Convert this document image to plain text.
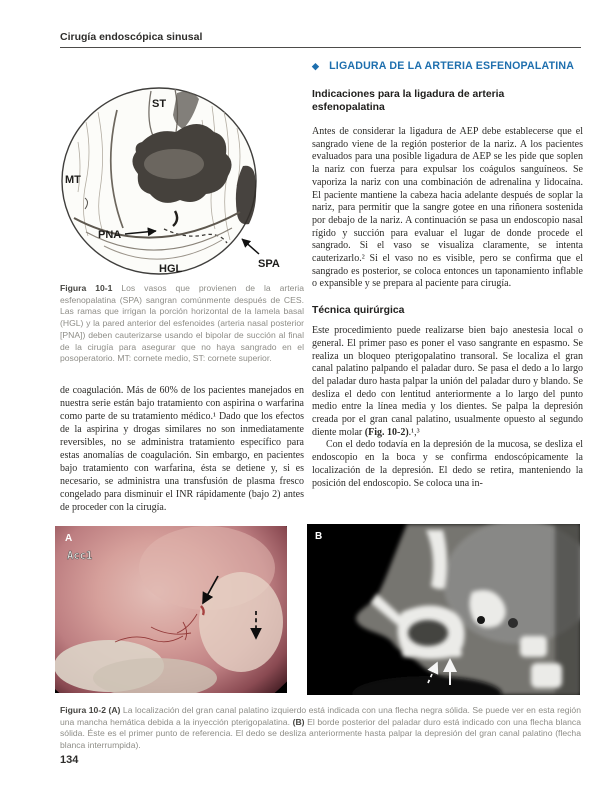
Cirugía endoscópica sinusal
ST
MT
PNA
SPA
HGL
Figura 10-1 Los vasos que provienen de la arteria esfenopalatina (SPA) sangran comúnmente después de CES. Las ramas que irrigan la porción horizontal de la lamela basal (HGL) y la pared anterior del esfenoides (arteria nasal posterior [PNA]) deben cauterizarse usando el bipolar de succión al final de la cirugía para asegurar que no haya sangrado en el posoperatorio. MT: cornete medio, ST: cornete superior.

de coagulación. Más de 60% de los pacientes manejados en nuestra serie están bajo tratamiento con aspirina o warfarina como parte de su tratamiento médico.¹ Dado que los efectos de la aspirina y drogas similares no son inmediatamente reversibles, no se administra tratamiento específico para estas anomalías de coagulación. Sin embargo, en pacientes bajo tratamiento con warfarina, ésta se detiene y, si es necesario, se administra una transfusión de plasma fresco congelado para disminuir el INR rápidamente (bajo 2) antes de proceder con la cirugía.

◆ LIGADURA DE LA ARTERIA ESFENOPALATINA
Indicaciones para la ligadura de arteria esfenopalatina

Antes de considerar la ligadura de AEP debe establecerse que el sangrado viene de la región posterior de la nariz. A los pacientes evaluados para una posible ligadura de AEP se les pide que soplen la nariz con fuerza para expulsar los coágulos sanguíneos. Se vaporiza la nariz con una combinación de adrenalina y lidocaína. El paciente mantiene la cabeza hacia adelante después de soplar la nariz, para permitir que la sangre gotee en una riñonera sostenida por debajo de la nariz. A continuación se pasa un endoscopio nasal rígido y succión para evaluar el lugar de donde procede el sangrado. Si el vaso se visualiza claramente, se intenta cauterizarlo.² Si el vaso no es visible, pero se confirma que el sangrado es posterior, se coloca entonces un taponamiento inflable o expansible y se prepara al paciente para cirugía.

Técnica quirúrgica

Este procedimiento puede realizarse bien bajo anestesia local o general. El primer paso es poner el vaso sangrante en espasmo. Se realiza un bloqueo pterigopalatino transoral. Se localiza el gran canal palatino palpando el paladar duro. Se pasa el dedo a lo largo del paladar duro hasta palpar la unión del paladar duro y blando. Se desliza el dedo con lentitud anteriormente a lo largo del punto medio entre la línea media y los dientes. Se palpa la depresión creada por el gran canal palatino, usualmente opuesto al segundo diente molar (Fig. 10-2).¹,³

Con el dedo todavía en la depresión de la mucosa, se desliza el endoscopio en la boca y se confirma endoscópicamente la localización de la depresión. El dedo se retira, manteniendo la posición del endoscopio. Se coloca una in-

A
Acc1
B
Figura 10-2 (A) La localización del gran canal palatino izquierdo está indicada con una flecha negra sólida. Se puede ver en esta región una mancha hemática debida a la inyección pterigopalatina. (B) El borde posterior del paladar duro está indicado con una flecha blanca sólida. Éste es el primer punto de referencia. El dedo se desliza anteriormente hasta palpar la depresión del gran canal palatino (flecha blanca interrumpida).
134
